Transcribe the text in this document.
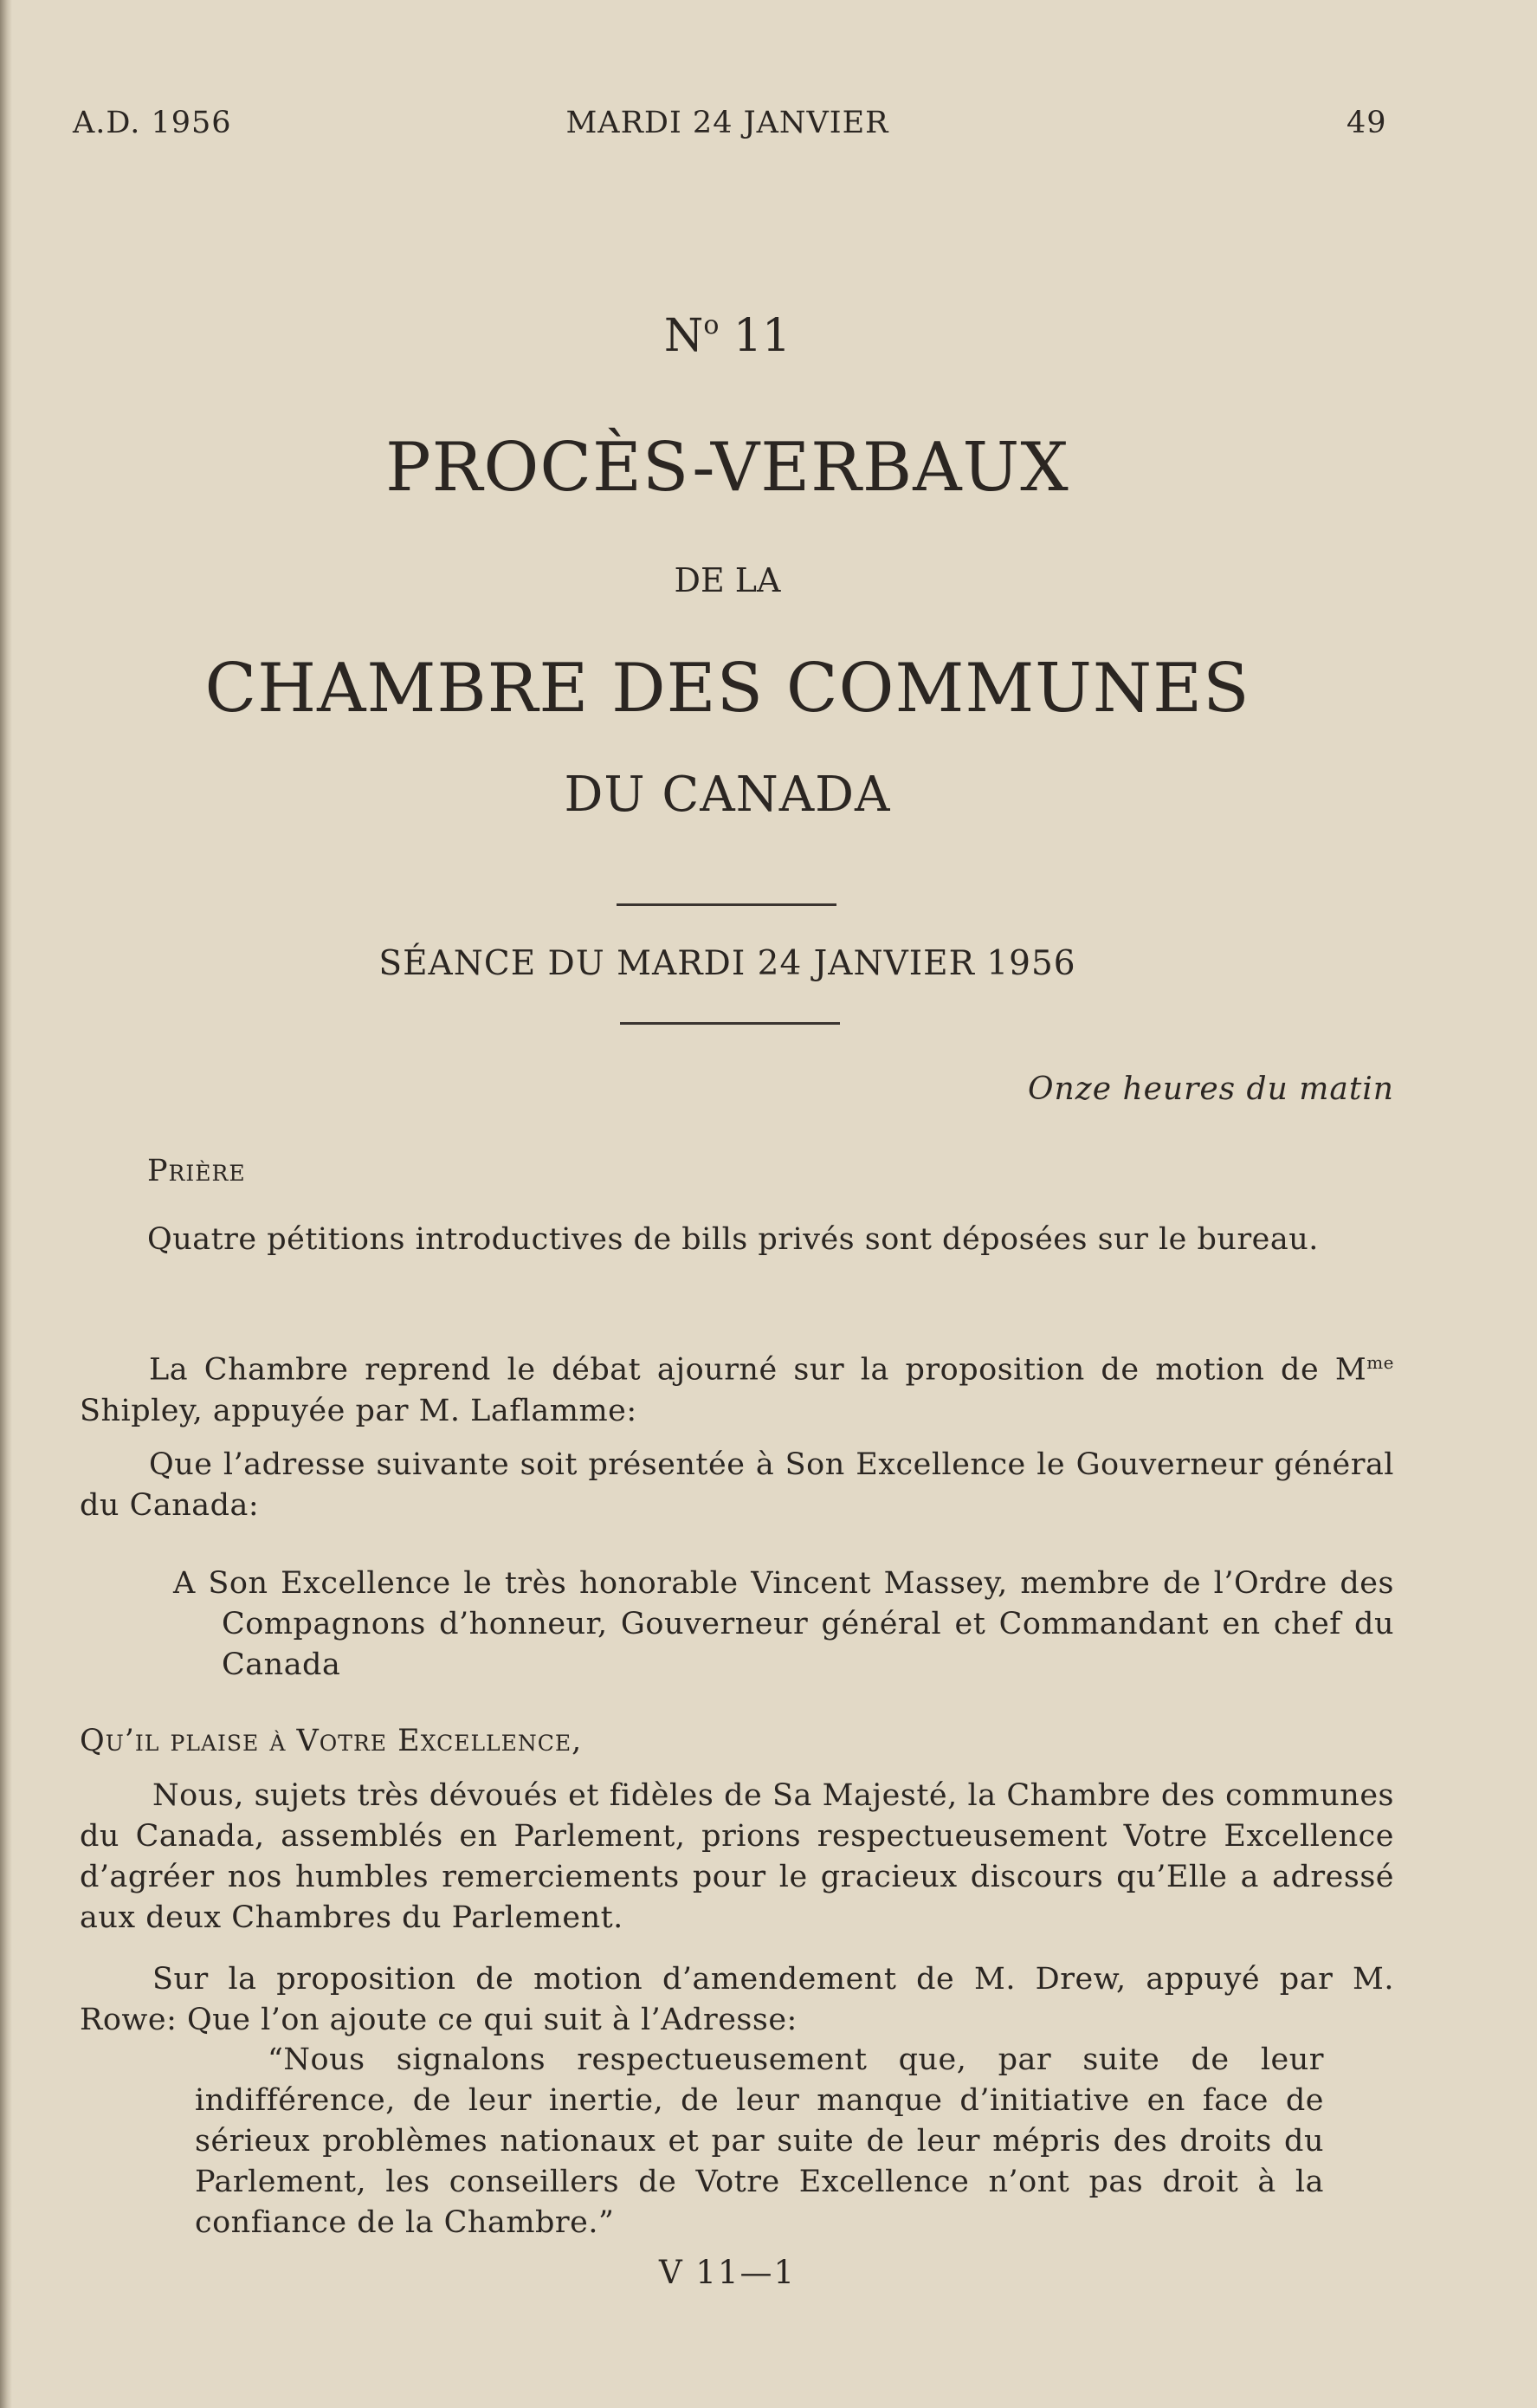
A.D. 1956	MARDI 24 JANVIER	49

$N^o$ 11

PROCÈS-VERBAUX

DE LA

CHAMBRE DES COMMUNES

DU CANADA

SÉANCE DU MARDI 24 JANVIER 1956

Onze heures du matin

Prière

Quatre pétitions introductives de bills privés sont déposées sur le bureau.

La Chambre reprend le débat ajourné sur la proposition de motion de $M^{me}$ Shipley, appuyée par M. Laflamme:

Que l’adresse suivante soit présentée à Son Excellence le Gouverneur général du Canada:

A Son Excellence le très honorable Vincent Massey, membre de l’Ordre des Compagnons d’honneur, Gouverneur général et Commandant en chef du Canada

Qu’il plaise à Votre Excellence,

Nous, sujets très dévoués et fidèles de Sa Majesté, la Chambre des communes du Canada, assemblés en Parlement, prions respectueusement Votre Excellence d’agréer nos humbles remerciements pour le gracieux discours qu’Elle a adressé aux deux Chambres du Parlement.

Sur la proposition de motion d’amendement de M. Drew, appuyé par M. Rowe: Que l’on ajoute ce qui suit à l’Adresse:

“Nous signalons respectueusement que, par suite de leur indifférence, de leur inertie, de leur manque d’initiative en face de sérieux problèmes nationaux et par suite de leur mépris des droits du Parlement, les conseillers de Votre Excellence n’ont pas droit à la confiance de la Chambre.”

V 11—1
